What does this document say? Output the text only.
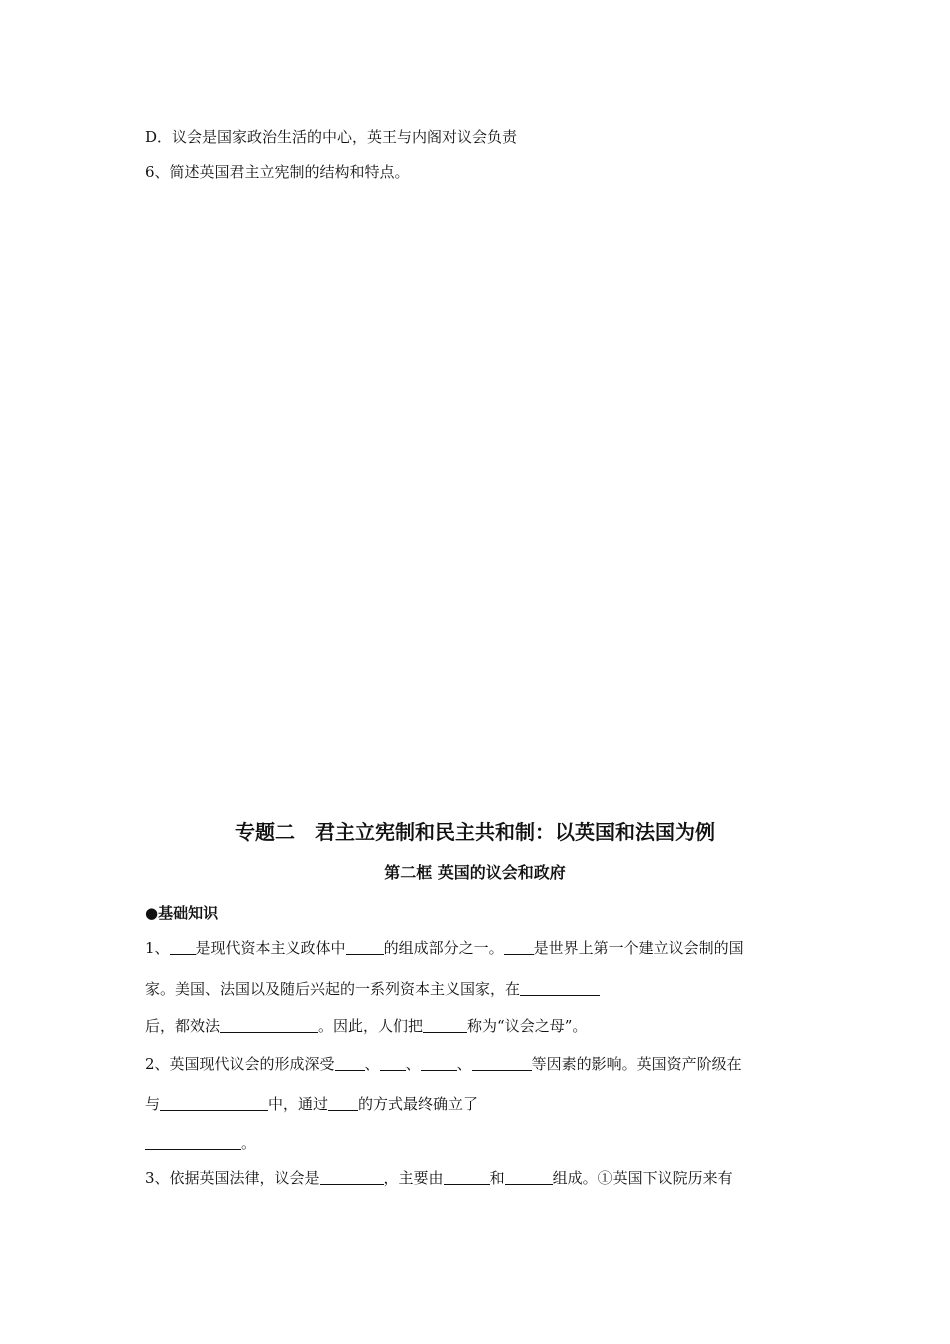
D．议会是国家政治生活的中心，英王与内阁对议会负责
6、简述英国君主立宪制的结构和特点。
专题二　君主立宪制和民主共和制：以英国和法国为例
第二框 英国的议会和政府
●基础知识
1、 是现代资本主义政体中	的组成部分之一。 是世界上第一个建立议会制的国
家。美国、法国以及随后兴起的一系列资本主义国家，在
后，都效法	。因此，人们把	称为“议会之母”。
2、英国现代议会的形成深受 、 、 、	等因素的影响。英国资产阶级在
与	中，通过 的方式最终确立了
。
3、依据英国法律，议会是	，主要由	和	组成。①英国下议院历来有
